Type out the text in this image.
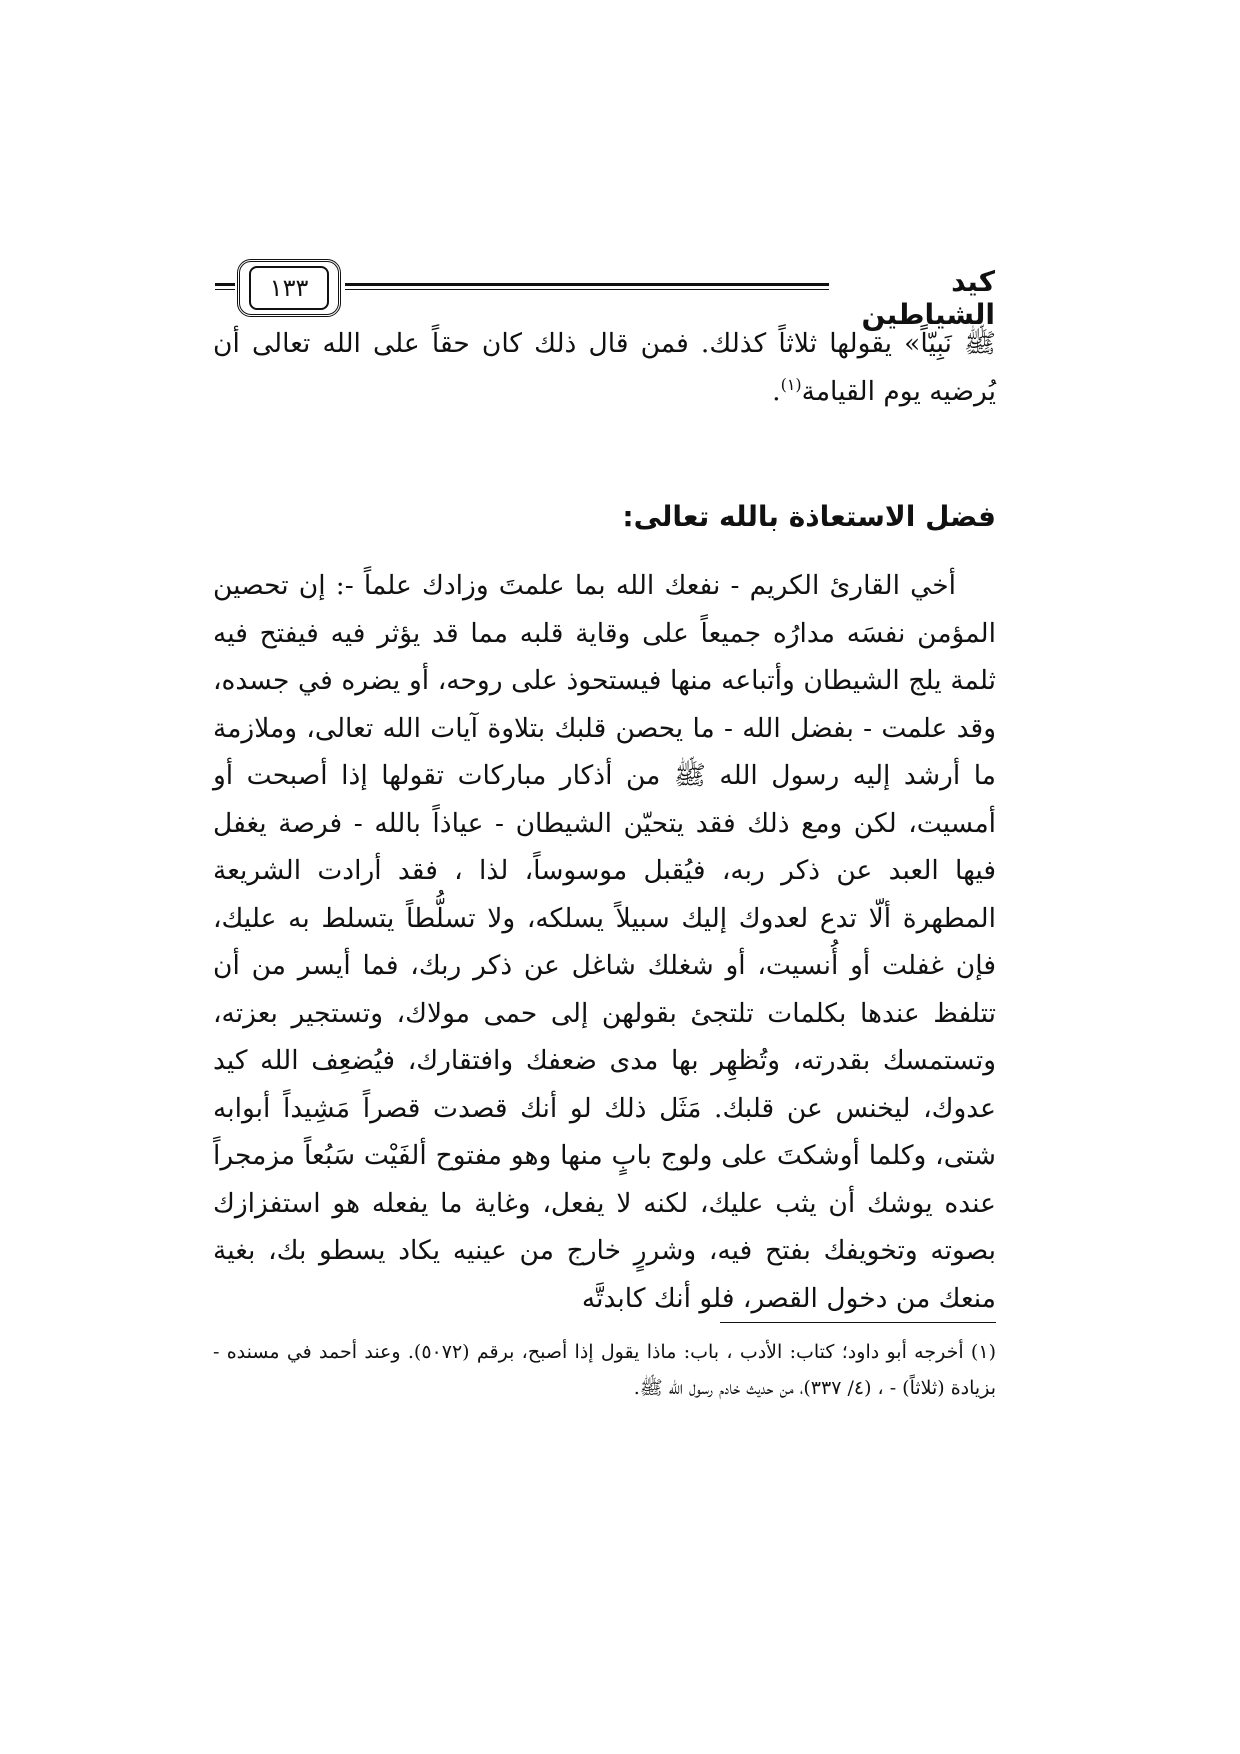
١٣٣	كيد الشياطين

ﷺ نَبِيّاً» يقولها ثلاثاً كذلك. فمن قال ذلك كان حقاً على الله تعالى أن يُرضيه يوم القيامة$^{(١)}$.

فضل الاستعاذة بالله تعالى:

أخي القارئ الكريم - نفعك الله بما علمتَ وزادك علماً -: إن تحصين المؤمن نفسَه مدارُه جميعاً على وقاية قلبه مما قد يؤثر فيه فيفتح فيه ثلمة يلج الشيطان وأتباعه منها فيستحوذ على روحه، أو يضره في جسده، وقد علمت - بفضل الله - ما يحصن قلبك بتلاوة آيات الله تعالى، وملازمة ما أرشد إليه رسول الله ﷺ من أذكار مباركات تقولها إذا أصبحت أو أمسيت، لكن ومع ذلك فقد يتحيّن الشيطان - عياذاً بالله - فرصة يغفل فيها العبد عن ذكر ربه، فيُقبل موسوساً، لذا ، فقد أرادت الشريعة المطهرة ألّا تدع لعدوك إليك سبيلاً يسلكه، ولا تسلُّطاً يتسلط به عليك، فإن غفلت أو أُنسيت، أو شغلك شاغل عن ذكر ربك، فما أيسر من أن تتلفظ عندها بكلمات تلتجئ بقولهن إلى حمى مولاك، وتستجير بعزته، وتستمسك بقدرته، وتُظهِر بها مدى ضعفك وافتقارك، فيُضعِف الله كيد عدوك، ليخنس عن قلبك. مَثَل ذلك لو أنك قصدت قصراً مَشِيداً أبوابه شتى، وكلما أوشكتَ على ولوج بابٍ منها وهو مفتوح ألفَيْت سَبُعاً مزمجراً عنده يوشك أن يثب عليك، لكنه لا يفعل، وغاية ما يفعله هو استفزازك بصوته وتخويفك بفتح فيه، وشررٍ خارج من عينيه يكاد يسطو بك، بغية منعك من دخول القصر، فلو أنك كابدتَّه

(١) أخرجه أبو داود؛ كتاب: الأدب ، باب: ماذا يقول إذا أصبح، برقم (٥٠٧٢). وعند أحمد في مسنده - بزيادة (ثلاثاً) - ، (٤/ ٣٣٧)، من حديث خادم رسول الله ﷺ.
